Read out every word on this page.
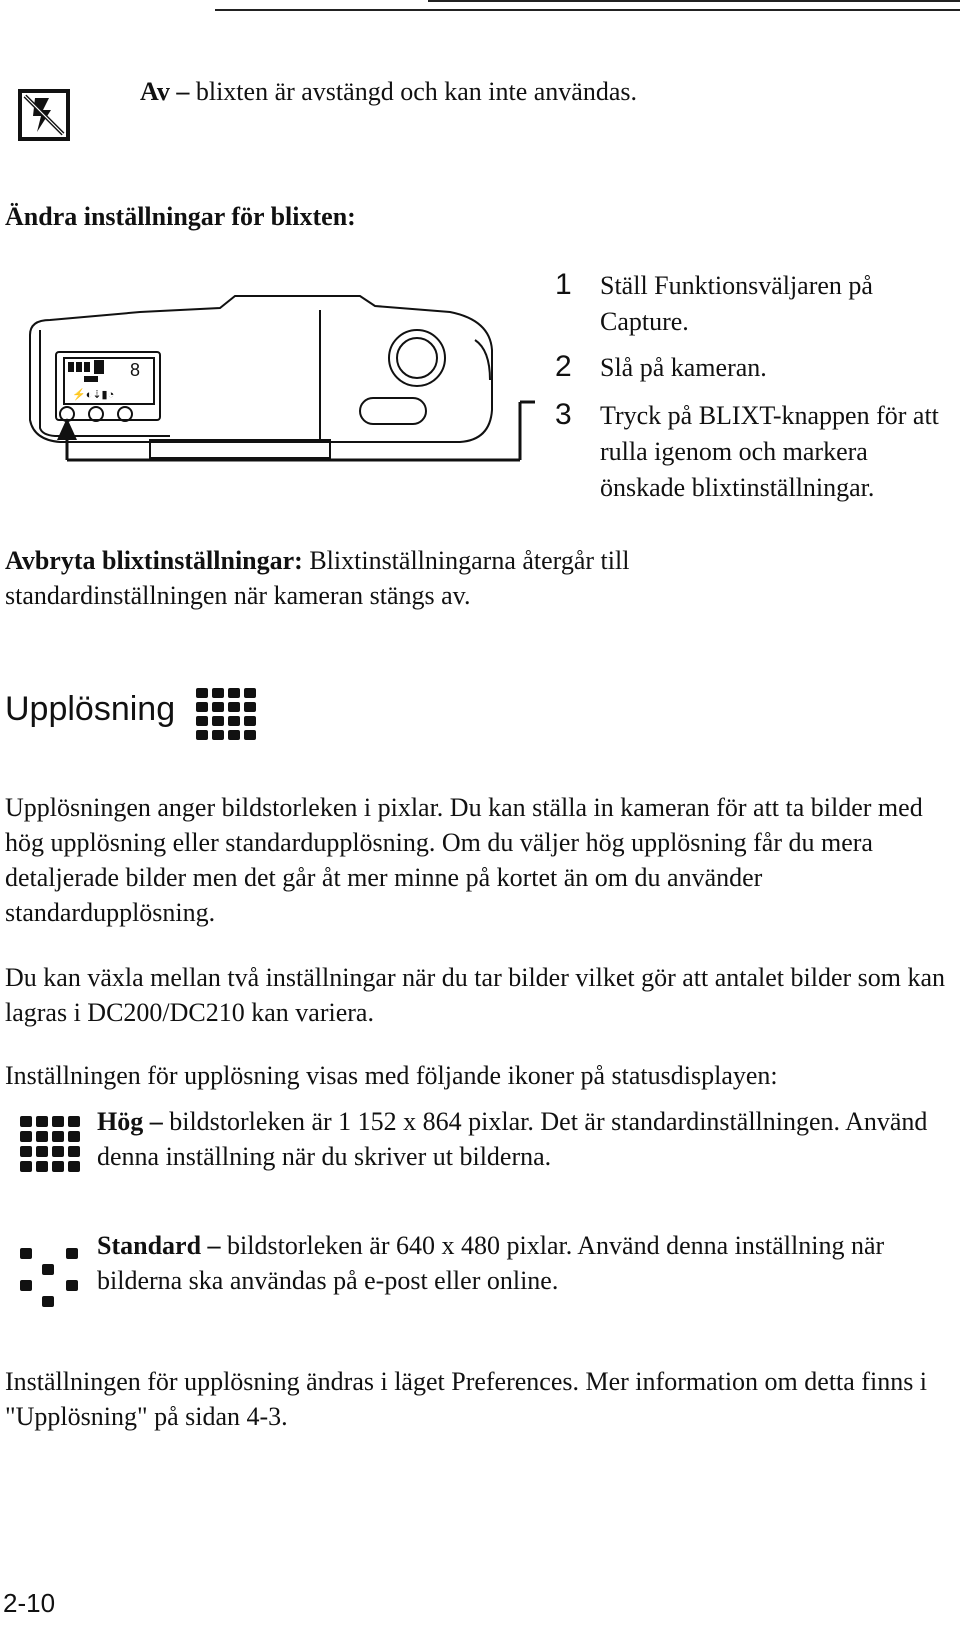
Av – blixten är avstängd och kan inte användas.

Ändra inställningar för blixten:

8
⚡◐⇣▮◔
1 Ställ Funktionsväljaren på Capture.

2 Slå på kameran.

3 Tryck på BLIXT-knappen för att rulla igenom och markera önskade blixtinställningar.

Avbryta blixtinställningar: Blixtinställningarna återgår till standardinställningen när kameran stängs av.

Upplösning

Upplösningen anger bildstorleken i pixlar. Du kan ställa in kameran för att ta bilder med hög upplösning eller standardupplösning. Om du väljer hög upplösning får du mera detaljerade bilder men det går åt mer minne på kortet än om du använder standardupplösning.

Du kan växla mellan två inställningar när du tar bilder vilket gör att antalet bilder som kan lagras i DC200/DC210 kan variera.

Inställningen för upplösning visas med följande ikoner på statusdisplayen:

Hög – bildstorleken är 1 152 x 864 pixlar. Det är standardinställningen. Använd denna inställning när du skriver ut bilderna.

Standard – bildstorleken är 640 x 480 pixlar. Använd denna inställning när bilderna ska användas på e-post eller online.

Inställningen för upplösning ändras i läget Preferences. Mer information om detta finns i "Upplösning" på sidan 4-3.

2-10
